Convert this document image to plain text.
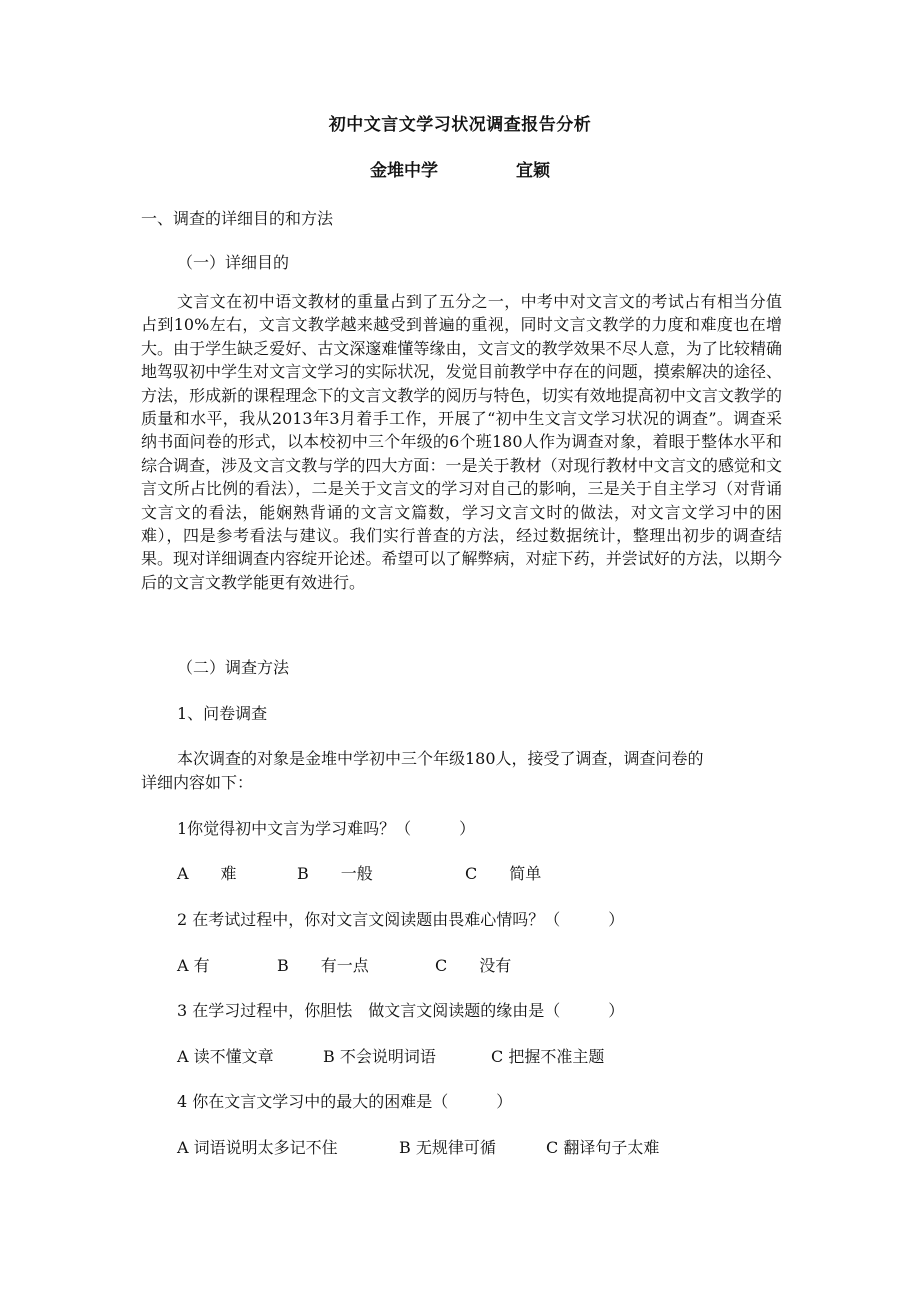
初中文言文学习状况调查报告分析
金堆中学	宜颖
一、调查的详细目的和方法
（一）详细目的
文言文在初中语文教材的重量占到了五分之一，中考中对文言文的考试占有相当分值占到10%左右，文言文教学越来越受到普遍的重视，同时文言文教学的力度和难度也在增大。由于学生缺乏爱好、古文深邃难懂等缘由，文言文的教学效果不尽人意，为了比较精确地驾驭初中学生对文言文学习的实际状况，发觉目前教学中存在的问题，摸索解决的途径、方法，形成新的课程理念下的文言文教学的阅历与特色，切实有效地提高初中文言文教学的质量和水平，我从2013年3月着手工作，开展了“初中生文言文学习状况的调查”。调查采纳书面问卷的形式，以本校初中三个年级的6个班180人作为调查对象，着眼于整体水平和综合调查，涉及文言文教与学的四大方面：一是关于教材（对现行教材中文言文的感觉和文言文所占比例的看法），二是关于文言文的学习对自己的影响，三是关于自主学习（对背诵文言文的看法，能娴熟背诵的文言文篇数，学习文言文时的做法，对文言文学习中的困难），四是参考看法与建议。我们实行普查的方法，经过数据统计，整理出初步的调查结果。现对详细调查内容绽开论述。希望可以了解弊病，对症下药，并尝试好的方法，以期今后的文言文教学能更有效进行。
（二）调查方法
1、问卷调查
本次调查的对象是金堆中学初中三个年级180人，接受了调查，调查问卷的
详细内容如下：
1你觉得初中文言为学习难吗？（　　　）
A　　难	B　　一般	C　　简单
2 在考试过程中，你对文言文阅读题由畏难心情吗？（　　　）
A 有	B　　有一点	C　　没有
3 在学习过程中，你胆怯　做文言文阅读题的缘由是（　　　）
A 读不懂文章	B 不会说明词语	C 把握不准主题
4 你在文言文学习中的最大的困难是（　　　）
A 词语说明太多记不住	B 无规律可循	C 翻译句子太难
